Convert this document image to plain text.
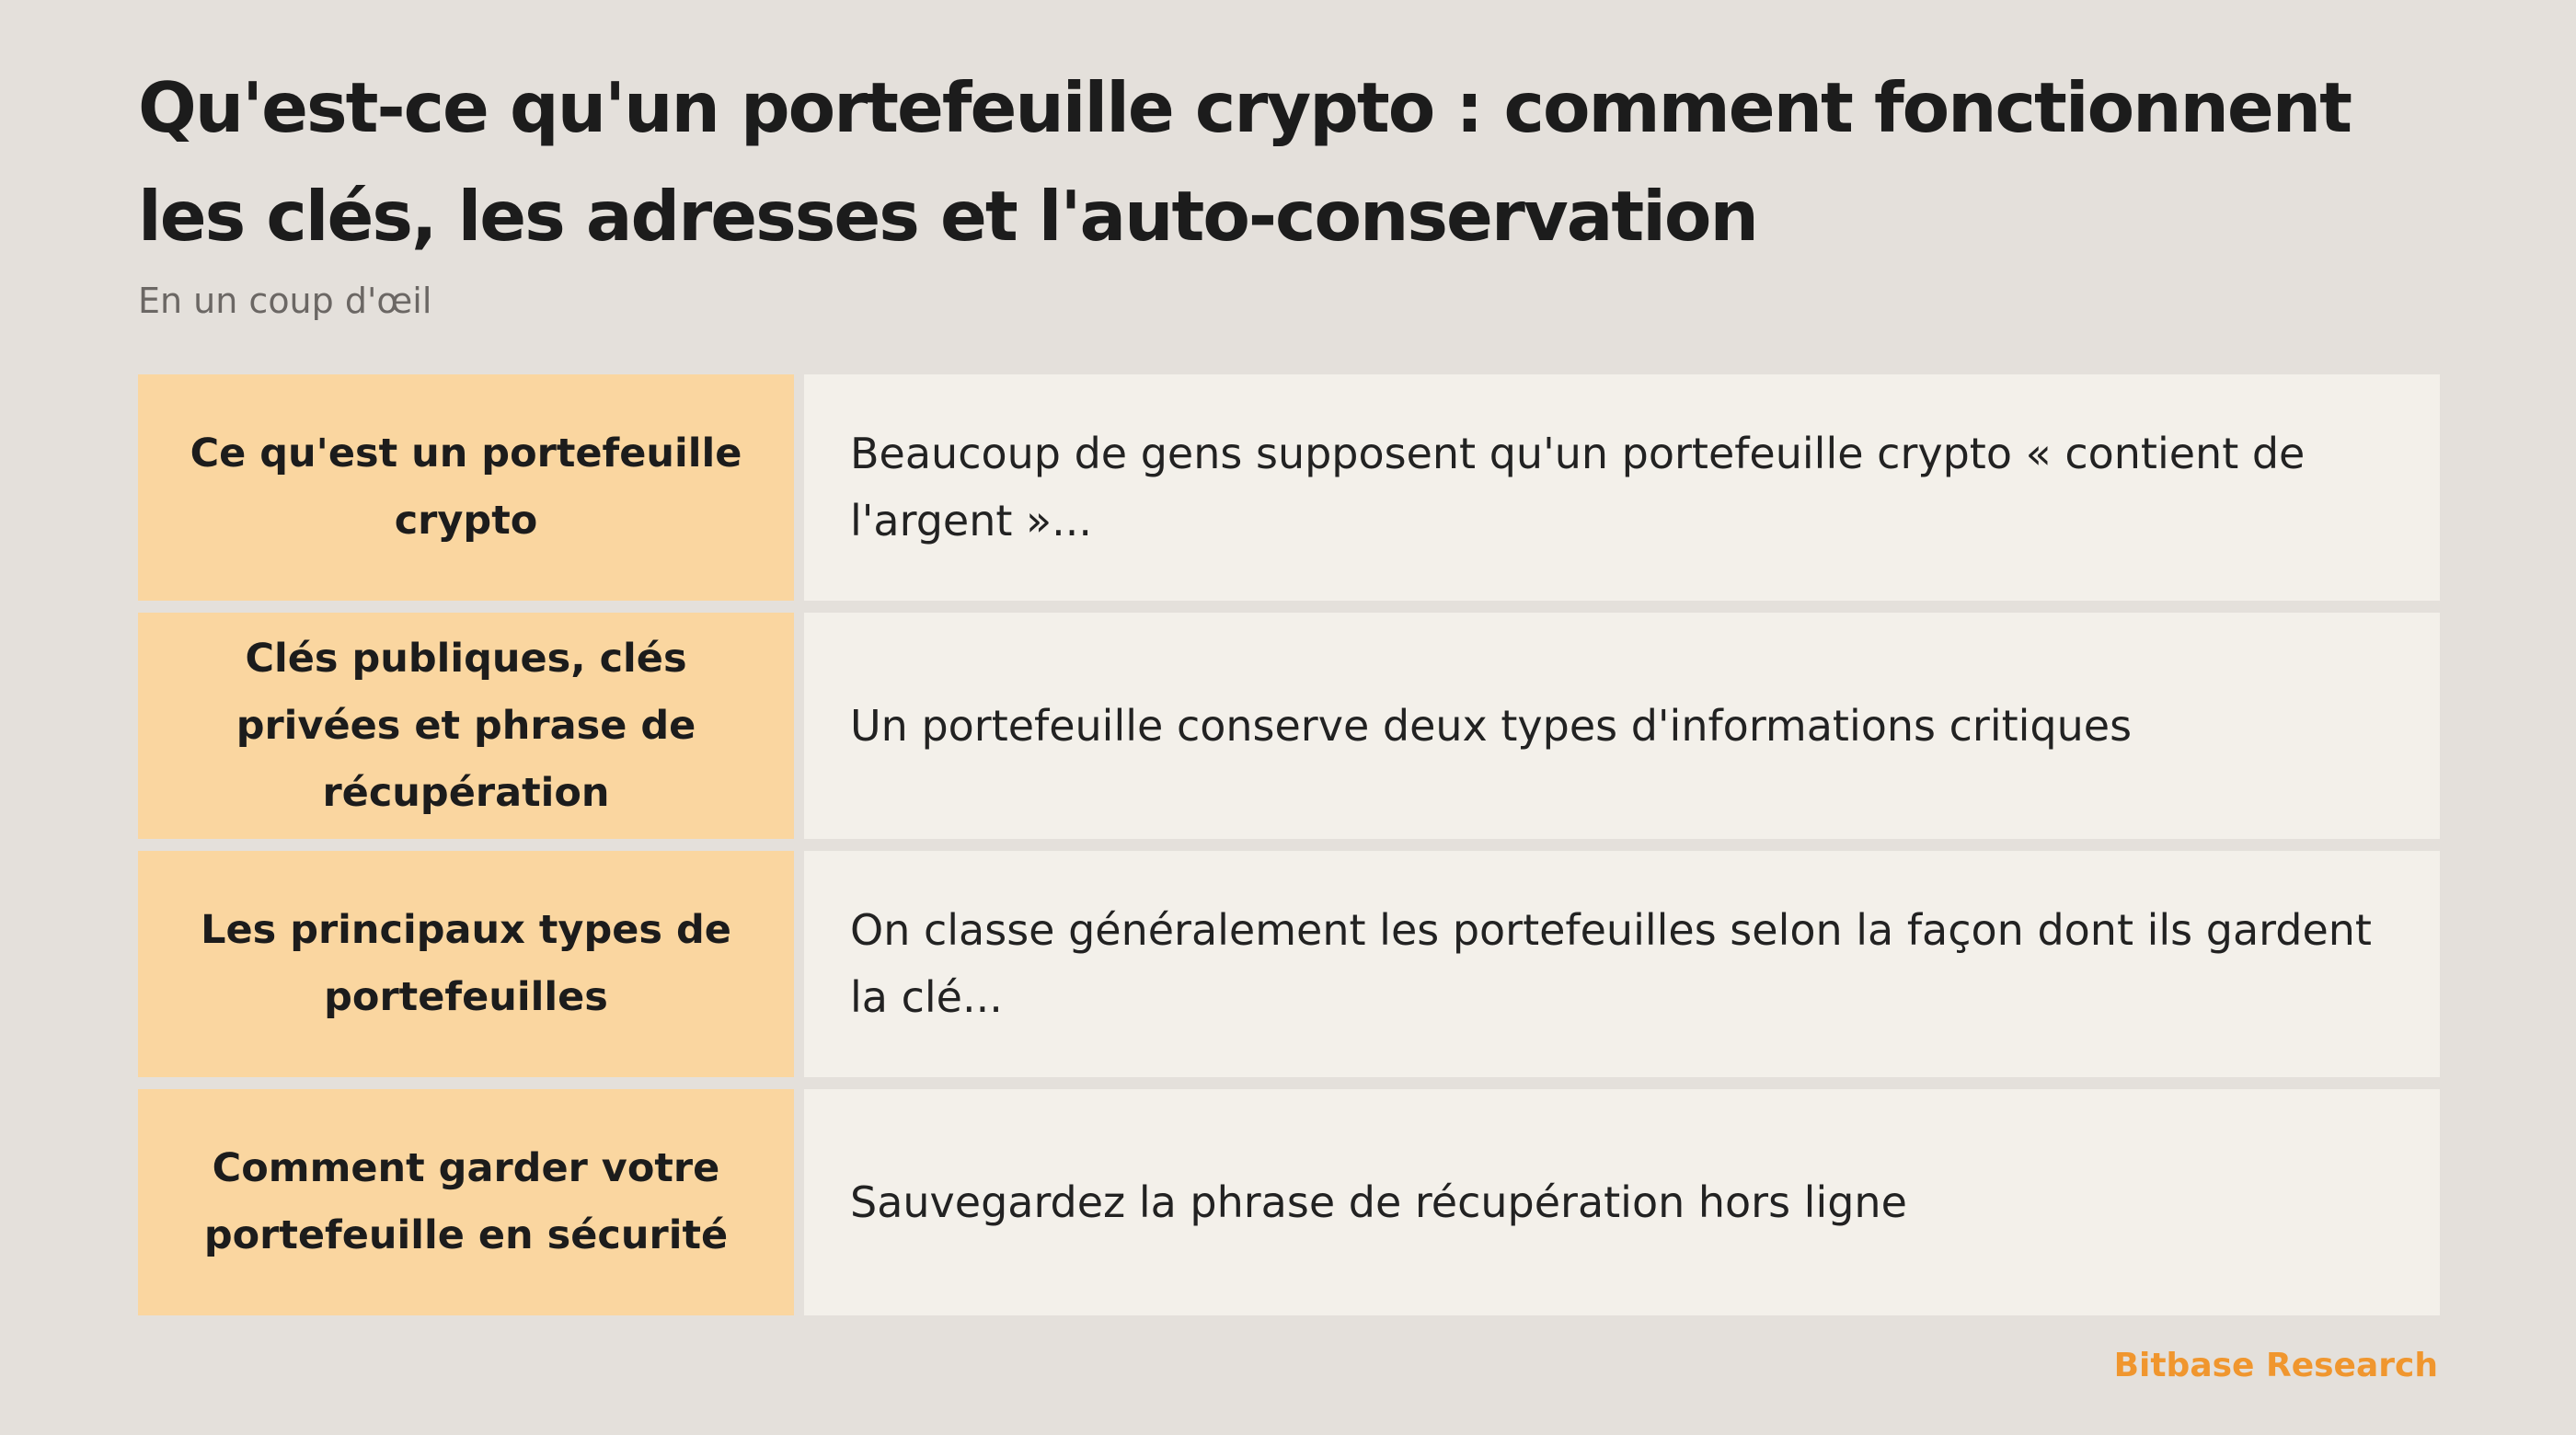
Qu'est-ce qu'un portefeuille crypto : comment fonctionnent les clés, les adresses et l'auto-conservation

En un coup d'œil

Ce qu'est un portefeuille crypto
Beaucoup de gens supposent qu'un portefeuille crypto « contient de l'argent »...
Clés publiques, clés privées et phrase de récupération
Un portefeuille conserve deux types d'informations critiques
Les principaux types de portefeuilles
On classe généralement les portefeuilles selon la façon dont ils gardent la clé...
Comment garder votre portefeuille en sécurité
Sauvegardez la phrase de récupération hors ligne
Bitbase Research
